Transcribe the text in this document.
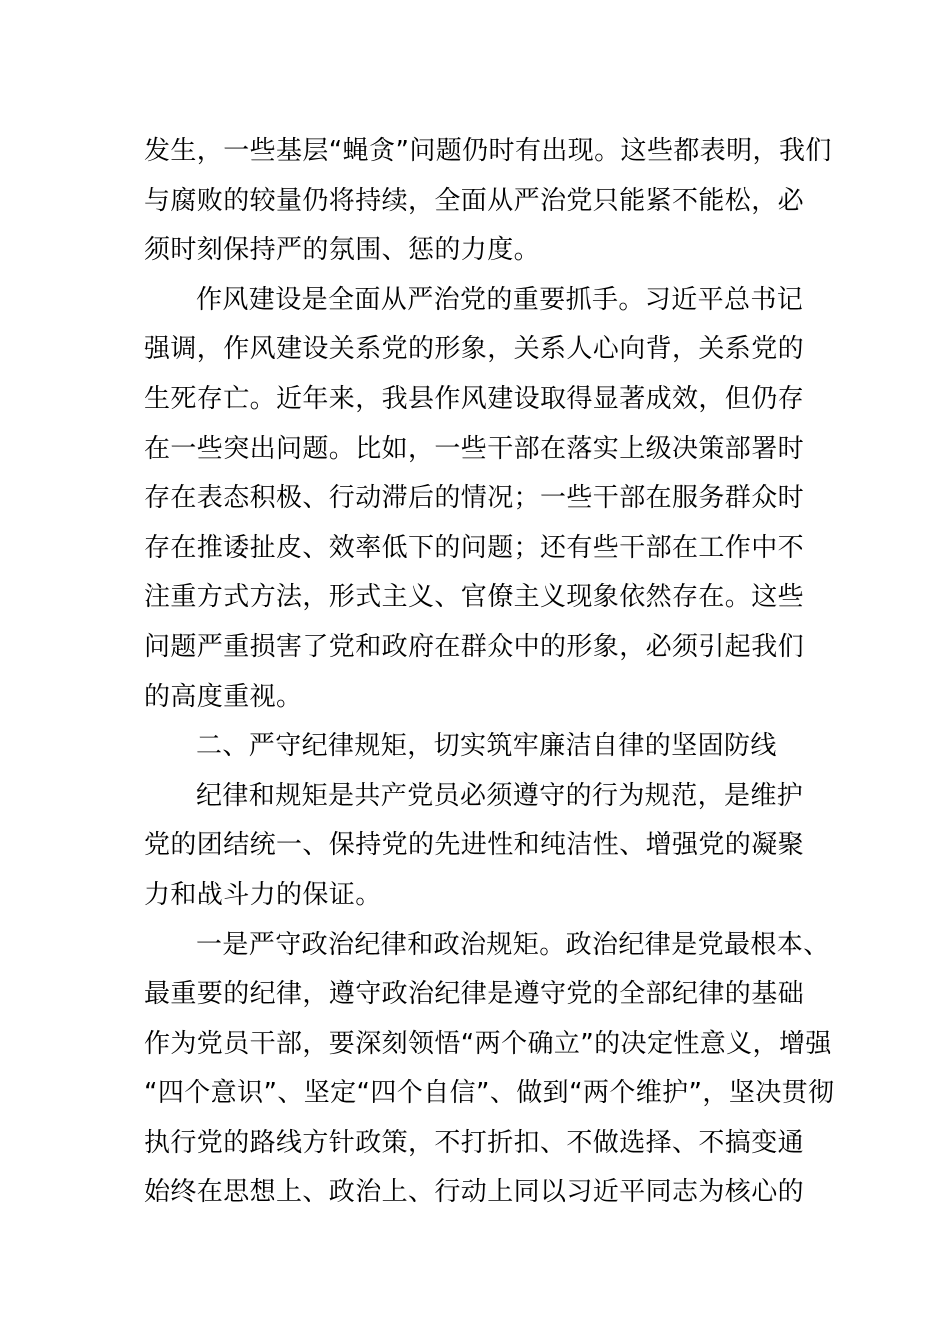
发生，一些基层“蝇贪”问题仍时有出现。这些都表明，我们
与腐败的较量仍将持续，全面从严治党只能紧不能松，必
须时刻保持严的氛围、惩的力度。
作风建设是全面从严治党的重要抓手。习近平总书记
强调，作风建设关系党的形象，关系人心向背，关系党的
生死存亡。近年来，我县作风建设取得显著成效，但仍存
在一些突出问题。比如，一些干部在落实上级决策部署时
存在表态积极、行动滞后的情况；一些干部在服务群众时
存在推诿扯皮、效率低下的问题；还有些干部在工作中不
注重方式方法，形式主义、官僚主义现象依然存在。这些
问题严重损害了党和政府在群众中的形象，必须引起我们
的高度重视。
二、严守纪律规矩，切实筑牢廉洁自律的坚固防线
纪律和规矩是共产党员必须遵守的行为规范，是维护
党的团结统一、保持党的先进性和纯洁性、增强党的凝聚
力和战斗力的保证。
一是严守政治纪律和政治规矩。政治纪律是党最根本、
最重要的纪律，遵守政治纪律是遵守党的全部纪律的基础
作为党员干部，要深刻领悟“两个确立”的决定性意义，增强
“四个意识”、坚定“四个自信”、做到“两个维护”，坚决贯彻
执行党的路线方针政策，不打折扣、不做选择、不搞变通
始终在思想上、政治上、行动上同以习近平同志为核心的
